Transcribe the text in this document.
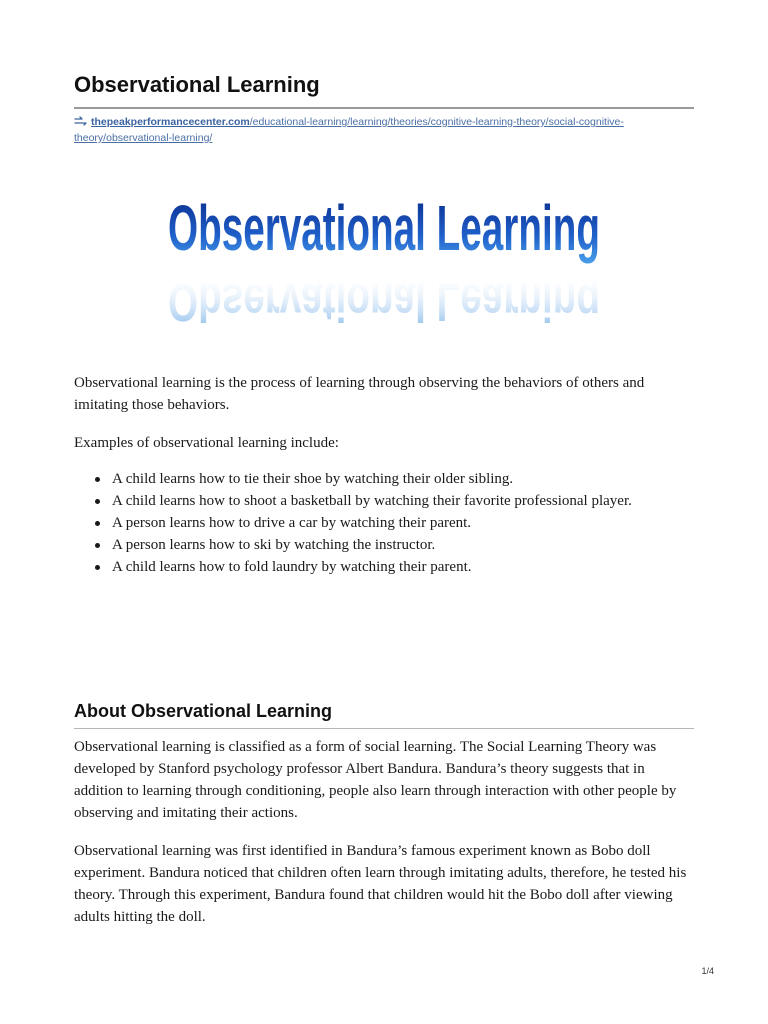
Observational Learning
thepeakperformancecenter.com/educational-learning/learning/theories/cognitive-learning-theory/social-cognitive-theory/observational-learning/
Observational Learning
Observational Learning

Observational learning is the process of learning through observing the behaviors of others and imitating those behaviors.

Examples of observational learning include:

A child learns how to tie their shoe by watching their older sibling.
A child learns how to shoot a basketball by watching their favorite professional player.
A person learns how to drive a car by watching their parent.
A person learns how to ski by watching the instructor.
A child learns how to fold laundry by watching their parent.
About Observational Learning

Observational learning is classified as a form of social learning. The Social Learning Theory was developed by Stanford psychology professor Albert Bandura. Bandura’s theory suggests that in addition to learning through conditioning, people also learn through interaction with other people by observing and imitating their actions.

Observational learning was first identified in Bandura’s famous experiment known as Bobo doll experiment. Bandura noticed that children often learn through imitating adults, therefore, he tested his theory. Through this experiment, Bandura found that children would hit the Bobo doll after viewing adults hitting the doll.

1/4
